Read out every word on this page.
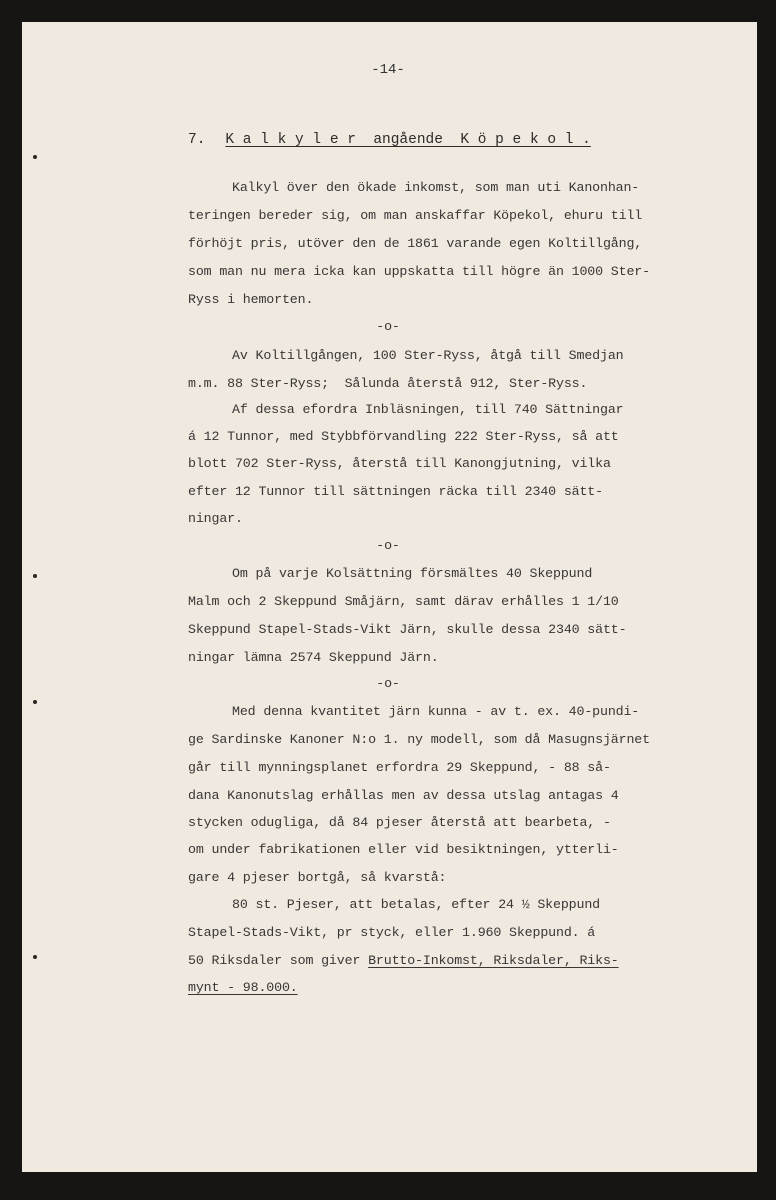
-14-
7. K a l k y l e r  angående  K ö p e k o l .
Kalkyl över den ökade inkomst, som man uti Kanonhan-
teringen bereder sig, om man anskaffar Köpekol, ehuru till
förhöjt pris, utöver den de 1861 varande egen Koltillgång,
som man nu mera icka kan uppskatta till högre än 1000 Ster-
Ryss i hemorten.
-o-
Av Koltillgången, 100 Ster-Ryss, åtgå till Smedjan
m.m. 88 Ster-Ryss;  Sålunda återstå 912, Ster-Ryss.
Af dessa efordra Inbläsningen, till 740 Sättningar
á 12 Tunnor, med Stybbförvandling 222 Ster-Ryss, så att
blott 702 Ster-Ryss, återstå till Kanongjutning, vilka
efter 12 Tunnor till sättningen räcka till 2340 sätt-
ningar.
-o-
Om på varje Kolsättning försmältes 40 Skeppund
Malm och 2 Skeppund Småjärn, samt därav erhålles 1 1/10
Skeppund Stapel-Stads-Vikt Järn, skulle dessa 2340 sätt-
ningar lämna 2574 Skeppund Järn.
-o-
Med denna kvantitet järn kunna - av t. ex. 40-pundi-
ge Sardinske Kanoner N:o 1. ny modell, som då Masugnsjärnet
går till mynningsplanet erfordra 29 Skeppund, - 88 så-
dana Kanonutslag erhållas men av dessa utslag antagas 4
stycken odugliga, då 84 pjeser återstå att bearbeta, -
om under fabrikationen eller vid besiktningen, ytterli-
gare 4 pjeser bortgå, så kvarstå:
80 st. Pjeser, att betalas, efter 24 ½ Skeppund
Stapel-Stads-Vikt, pr styck, eller 1.960 Skeppund. á
50 Riksdaler som giver Brutto-Inkomst, Riksdaler, Riks-
mynt - 98.000.
